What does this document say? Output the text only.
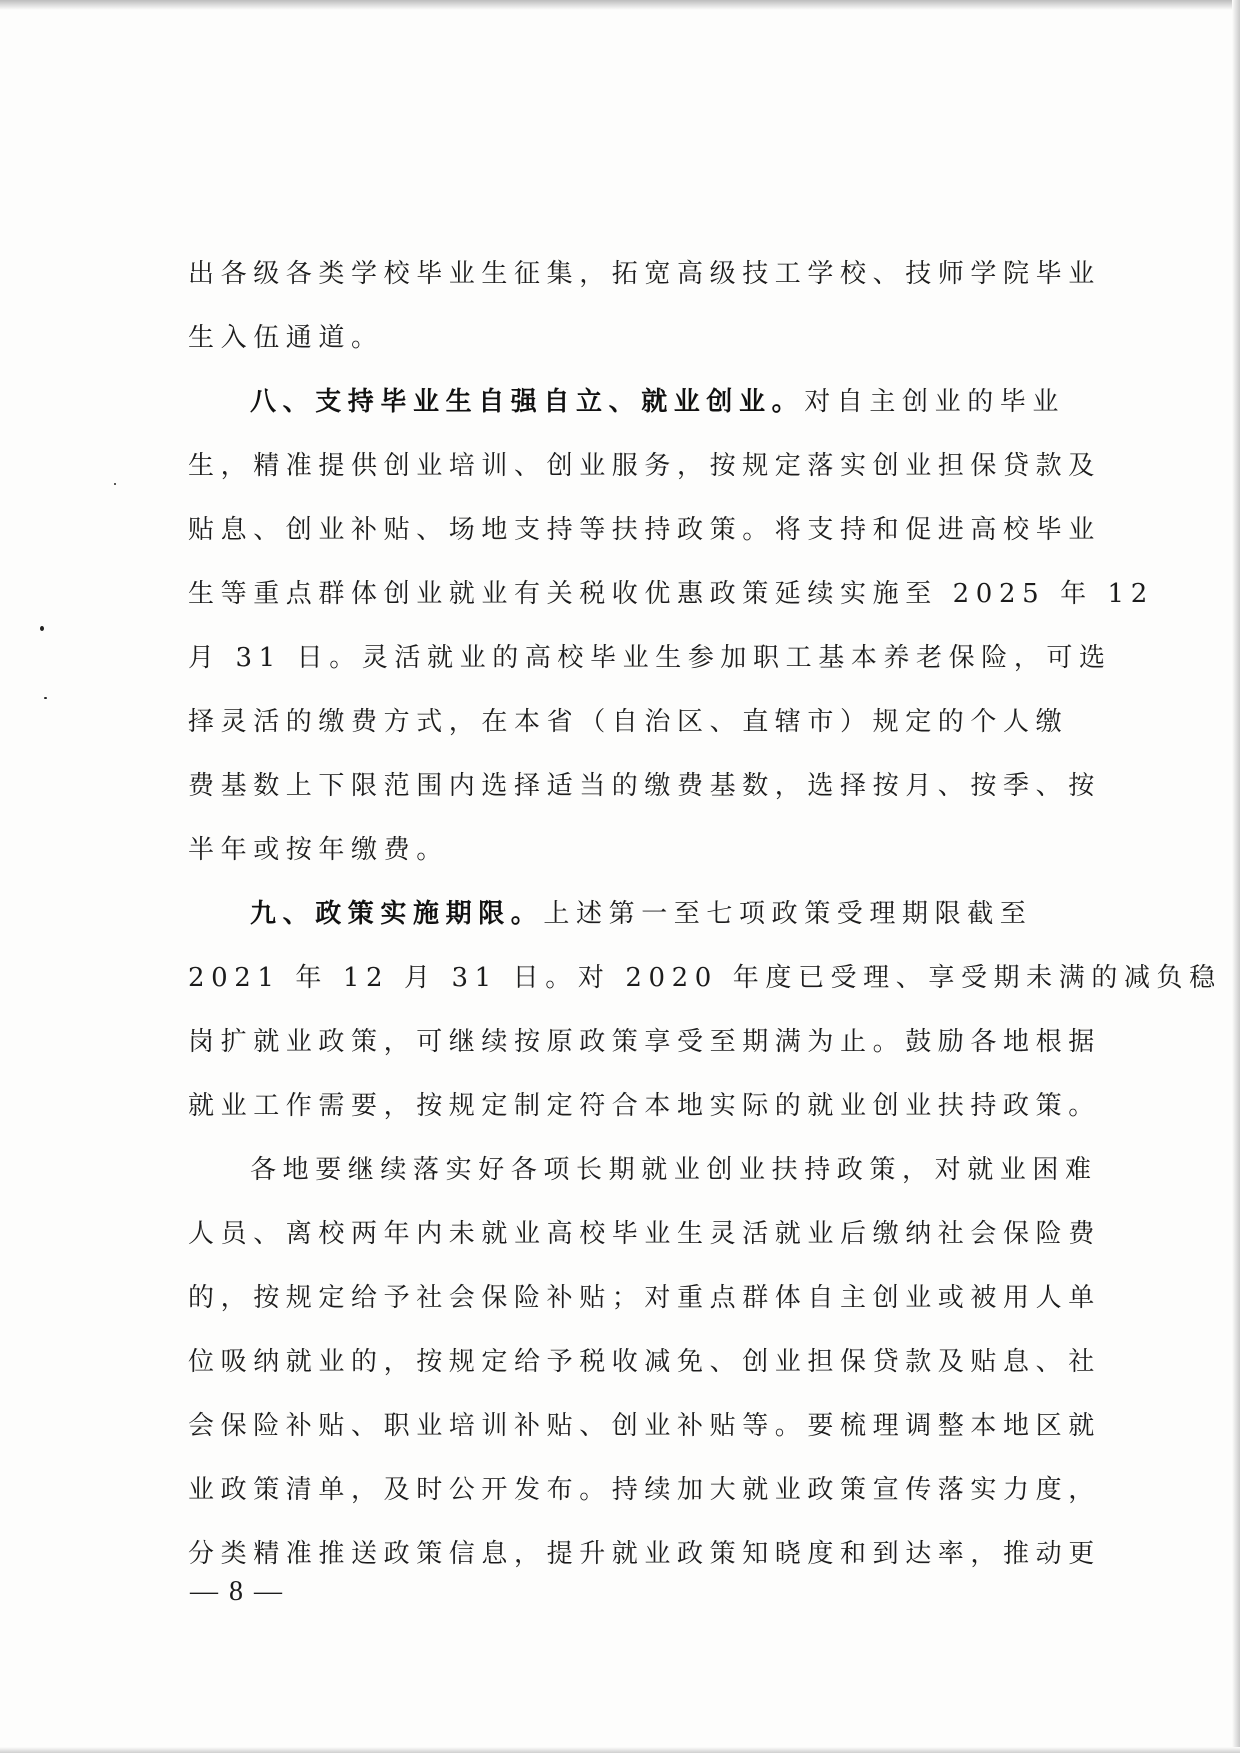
出各级各类学校毕业生征集，拓宽高级技工学校、技师学院毕业
生入伍通道。
八、支持毕业生自强自立、就业创业。对自主创业的毕业
生，精准提供创业培训、创业服务，按规定落实创业担保贷款及
贴息、创业补贴、场地支持等扶持政策。将支持和促进高校毕业
生等重点群体创业就业有关税收优惠政策延续实施至 2025 年 12
月 31 日。灵活就业的高校毕业生参加职工基本养老保险，可选
择灵活的缴费方式，在本省（自治区、直辖市）规定的个人缴
费基数上下限范围内选择适当的缴费基数，选择按月、按季、按
半年或按年缴费。
九、政策实施期限。上述第一至七项政策受理期限截至
2021 年 12 月 31 日。对 2020 年度已受理、享受期未满的减负稳
岗扩就业政策，可继续按原政策享受至期满为止。鼓励各地根据
就业工作需要，按规定制定符合本地实际的就业创业扶持政策。
各地要继续落实好各项长期就业创业扶持政策，对就业困难
人员、离校两年内未就业高校毕业生灵活就业后缴纳社会保险费
的，按规定给予社会保险补贴；对重点群体自主创业或被用人单
位吸纳就业的，按规定给予税收减免、创业担保贷款及贴息、社
会保险补贴、职业培训补贴、创业补贴等。要梳理调整本地区就
业政策清单，及时公开发布。持续加大就业政策宣传落实力度，
分类精准推送政策信息，提升就业政策知晓度和到达率，推动更
— 8 —
